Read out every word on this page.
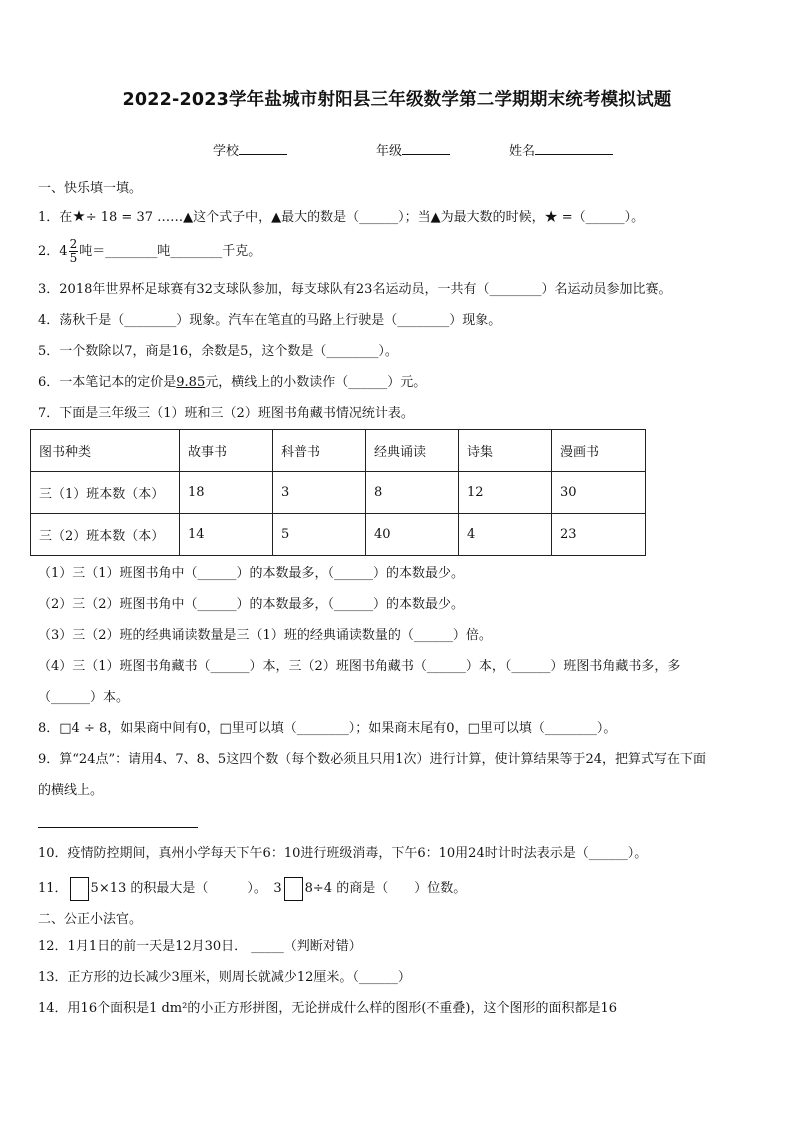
2022-2023学年盐城市射阳县三年级数学第二学期期末统考模拟试题
学校	年级	姓名
一、快乐填一填。
1．在★÷ 18 = 37 ……▲这个式子中，▲最大的数是（______）；当▲为最大数的时候，★ =（______）。
2．$4 \frac{2}{5}$ 吨＝________吨________千克。
3．2018年世界杯足球赛有32支球队参加，每支球队有23名运动员，一共有（________）名运动员参加比赛。
4．荡秋千是（________）现象。汽车在笔直的马路上行驶是（________）现象。
5．一个数除以7，商是16，余数是5，这个数是（________）。
6．一本笔记本的定价是9.85元，横线上的小数读作（______）元。
7．下面是三年级三（1）班和三（2）班图书角藏书情况统计表。
图书种类	故事书	科普书	经典诵读	诗集	漫画书
三（1）班本数（本）	18	3	8	12	30
三（2）班本数（本）	14	5	40	4	23
（1）三（1）班图书角中（______）的本数最多，（______）的本数最少。
（2）三（2）班图书角中（______）的本数最多，（______）的本数最少。
（3）三（2）班的经典诵读数量是三（1）班的经典诵读数量的（______）倍。
（4）三（1）班图书角藏书（______）本，三（2）班图书角藏书（______）本，（______）班图书角藏书多，多
（______）本。
8．□4 ÷ 8，如果商中间有0，□里可以填（________）；如果商末尾有0，□里可以填（________）。
9．算“24点”：请用4、7、8、5这四个数（每个数必须且只用1次）进行计算，使计算结果等于24，把算式写在下面
的横线上。
10．疫情防控期间，真州小学每天下午6：10进行班级消毒，下午6：10用24时计时法表示是（______）。
11． 5×13 的积最大是（　　　）。　3 8÷4 的商是（　　）位数。
二、公正小法官。
12．1月1日的前一天是12月30日． _____（判断对错）
13．正方形的边长减少3厘米，则周长就减少12厘米。（______）
14．用16个面积是1 dm²的小正方形拼图，无论拼成什么样的图形(不重叠)，这个图形的面积都是16
